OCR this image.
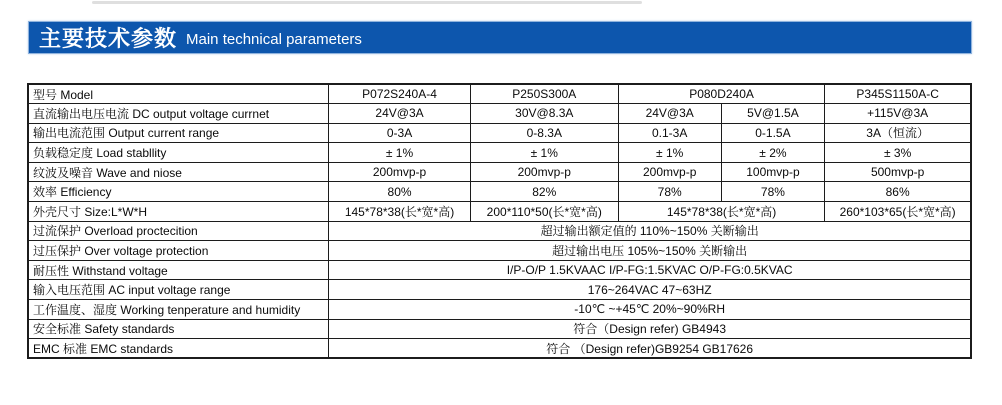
主要技术参数 Main technical parameters
型号 Model	P072S240A-4	P250S300A	P080D240A		P345S1150A-C
直流输出电压电流 DC output voltage currnet	24V@3A	30V@8.3A	24V@3A	5V@1.5A	+115V@3A
输出电流范围 Output current range	0-3A	0-8.3A	0.1-3A	0-1.5A	3A（恒流）
负载稳定度 Load stabllity	± 1%	± 1%	± 1%	± 2%	± 3%
纹波及噪音 Wave and niose	200mvp-p	200mvp-p	200mvp-p	100mvp-p	500mvp-p
效率 Efficiency	80%	82%	78%	78%	86%
外壳尺寸 Size:L*W*H	145*78*38(长*宽*高)	200*110*50(长*宽*高)	145*78*38(长*宽*高)		260*103*65(长*宽*高)
过流保护 Overload proctecition	超过输出额定值的 110%~150% 关断输出				
过压保护 Over voltage protection	超过输出电压 105%~150% 关断输出				
耐压性 Withstand voltage	I/P-O/P 1.5KVAAC I/P-FG:1.5KVAC O/P-FG:0.5KVAC				
输入电压范围 AC input voltage range	176~264VAC 47~63HZ				
工作温度、湿度 Working tenperature and humidity	-10℃ ~+45℃ 20%~90%RH				
安全标准 Safety standards	符合（Design refer) GB4943				
EMC 标准 EMC standards	符合 （Design refer)GB9254 GB17626				
